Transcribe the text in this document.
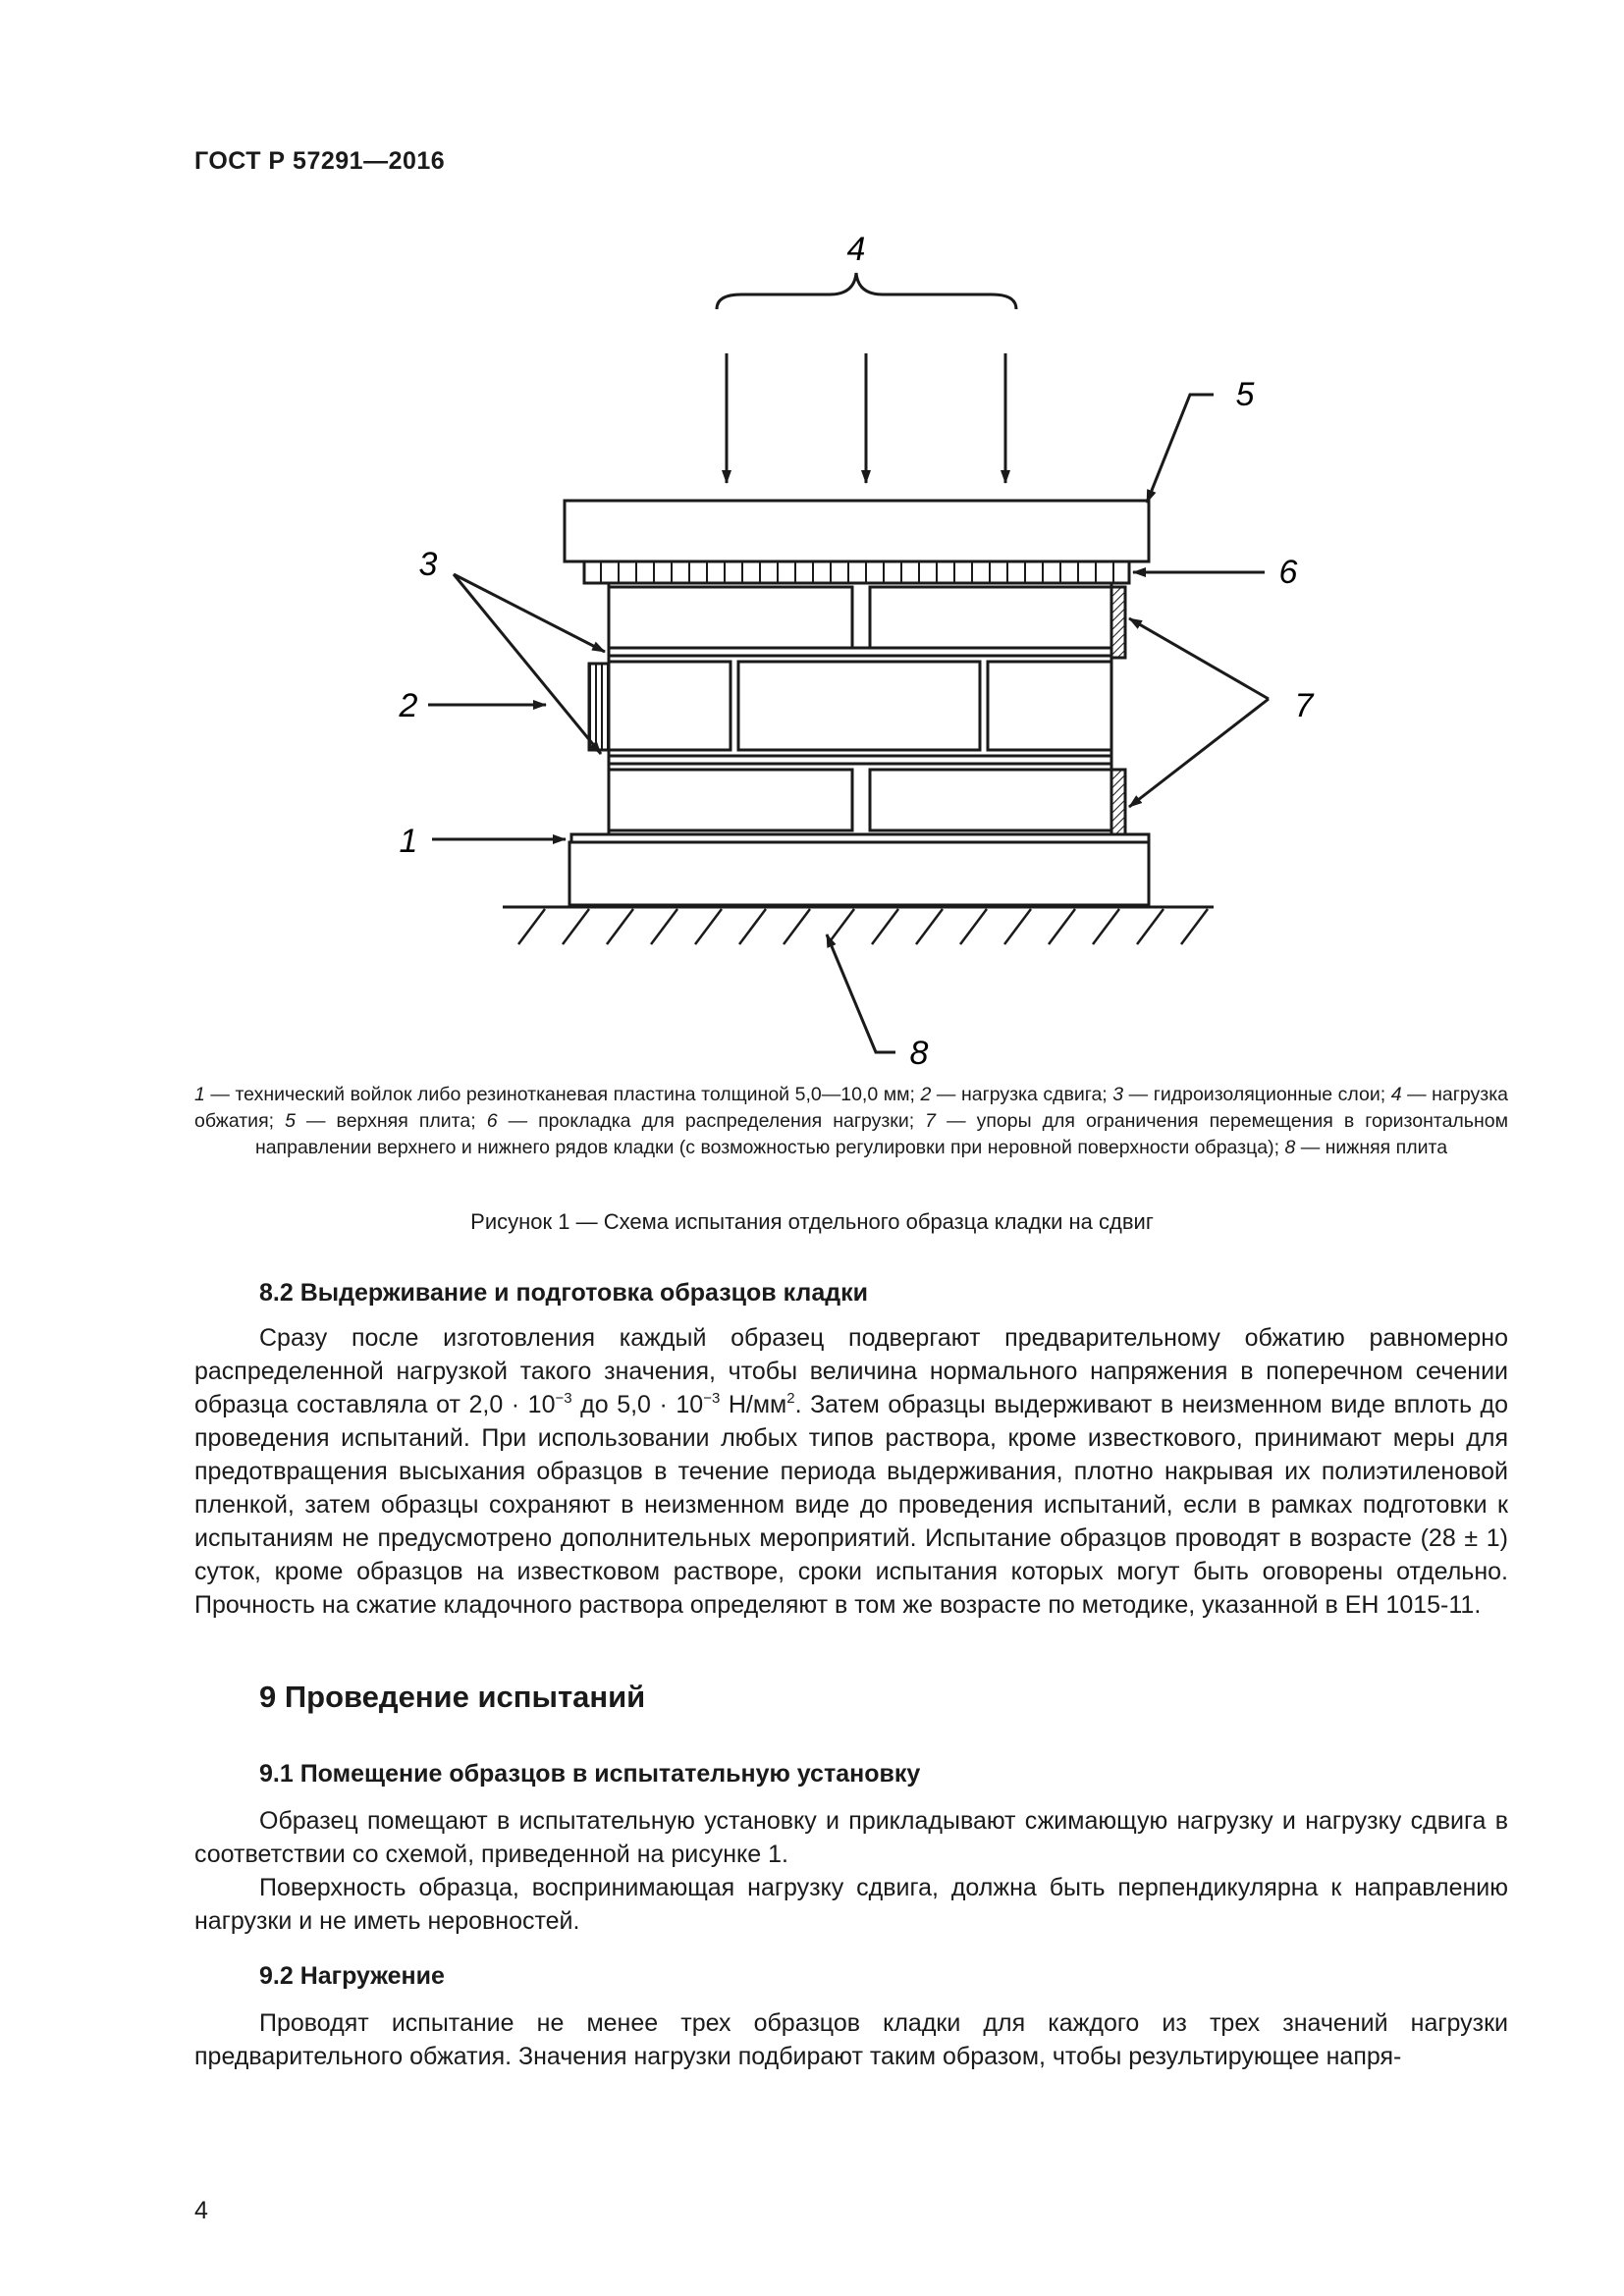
ГОСТ Р 57291—2016
4
5
6
3
2	7
1
8
1 — технический войлок либо резинотканевая пластина толщиной 5,0—10,0 мм; 2 — нагрузка сдвига; 3 — гидроизоляционные слои; 4 — нагрузка обжатия; 5 — верхняя плита; 6 — прокладка для распределения нагрузки; 7 — упоры для ограничения перемещения в горизонтальном направлении верхнего и нижнего рядов кладки (с возможностью регулировки при неровной поверхности образца); 8 — нижняя плита
Рисунок 1 — Схема испытания отдельного образца кладки на сдвиг
8.2 Выдерживание и подготовка образцов кладки
Сразу после изготовления каждый образец подвергают предварительному обжатию равномерно распределенной нагрузкой такого значения, чтобы величина нормального напряжения в поперечном сечении образца составляла от $2,0 \cdot 10^{-3}$ до $5,0 \cdot 10^{-3}$ $Н/мм^2$. Затем образцы выдерживают в неизменном виде вплоть до проведения испытаний. При использовании любых типов раствора, кроме известкового, принимают меры для предотвращения высыхания образцов в течение периода выдерживания, плотно накрывая их полиэтиленовой пленкой, затем образцы сохраняют в неизменном виде до проведения испытаний, если в рамках подготовки к испытаниям не предусмотрено дополнительных мероприятий. Испытание образцов проводят в возрасте (28 ± 1) суток, кроме образцов на известковом растворе, сроки испытания которых могут быть оговорены отдельно. Прочность на сжатие кладочного раствора определяют в том же возрасте по методике, указанной в ЕН 1015-11.
9 Проведение испытаний
9.1 Помещение образцов в испытательную установку
Образец помещают в испытательную установку и прикладывают сжимающую нагрузку и нагрузку сдвига в соответствии со схемой, приведенной на рисунке 1.
Поверхность образца, воспринимающая нагрузку сдвига, должна быть перпендикулярна к направлению нагрузки и не иметь неровностей.
9.2 Нагружение
Проводят испытание не менее трех образцов кладки для каждого из трех значений нагрузки предварительного обжатия. Значения нагрузки подбирают таким образом, чтобы результирующее напря-
4
